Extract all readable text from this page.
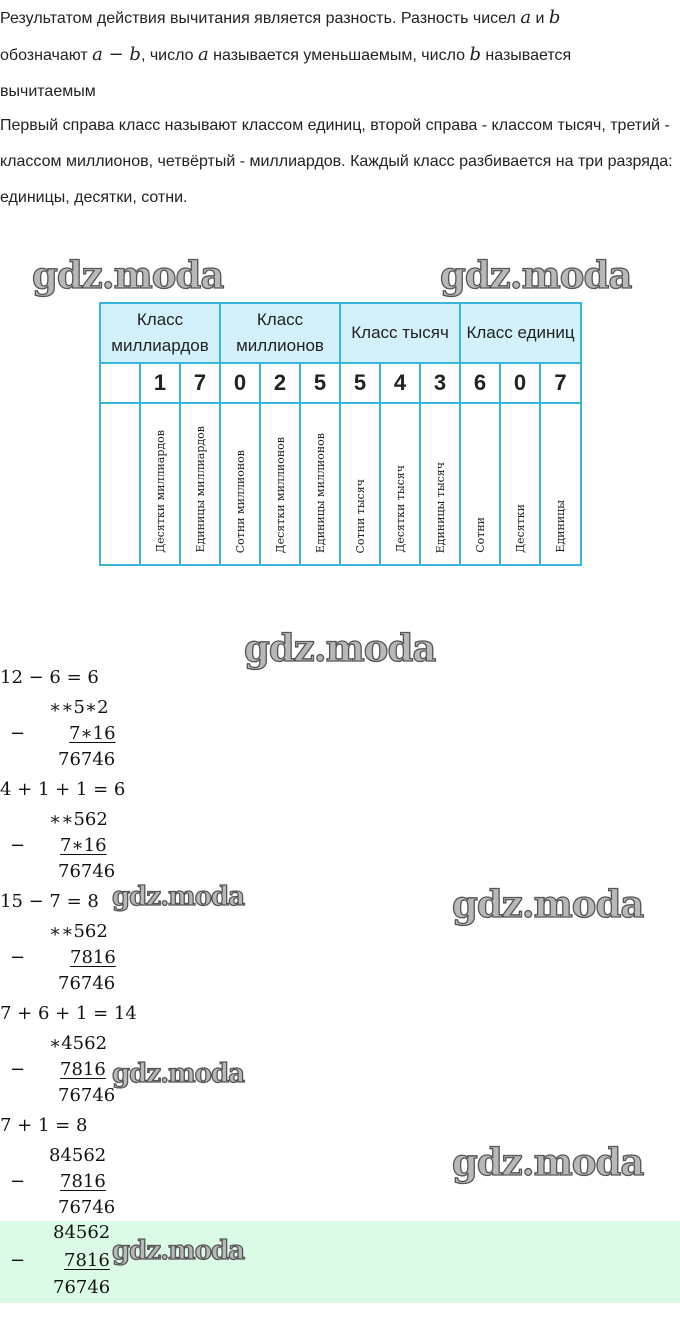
Результатом действия вычитания является разность. Разность чисел a и b
обозначают a − b, число a называется уменьшаемым, число b называется
вычитаемым
Первый справа класс называют классом единиц, второй справа - классом тысяч, третий - классом миллионов, четвёртый - миллиардов. Каждый класс разбивается на три разряда: единицы, десятки, сотни.
gdz.moda	gdz.moda
Класс миллиардов			Класс миллионов			Класс тысяч			Класс единиц		
	1	7	0	2	5	5	4	3	6	0	7
	Десятки миллиардов	Единицы миллиардов	Сотни миллионов	Десятки миллионов	Единицы миллионов	Сотни тысяч	Десятки тысяч	Единицы тысяч	Сотни	Десятки	Единицы
gdz.moda
12 − 6 = 6
∗∗5∗2
− 7∗16
76746
4 + 1 + 1 = 6
∗∗562
− 7∗16
76746
15 − 7 = 8
∗∗562
− 7816
76746
gdz.moda	gdz.moda
7 + 6 + 1 = 14
∗4562
− 7816
76746
gdz.moda
7 + 1 = 8
84562
− 7816
76746
gdz.moda
84562
− 7816
76746
gdz.moda
